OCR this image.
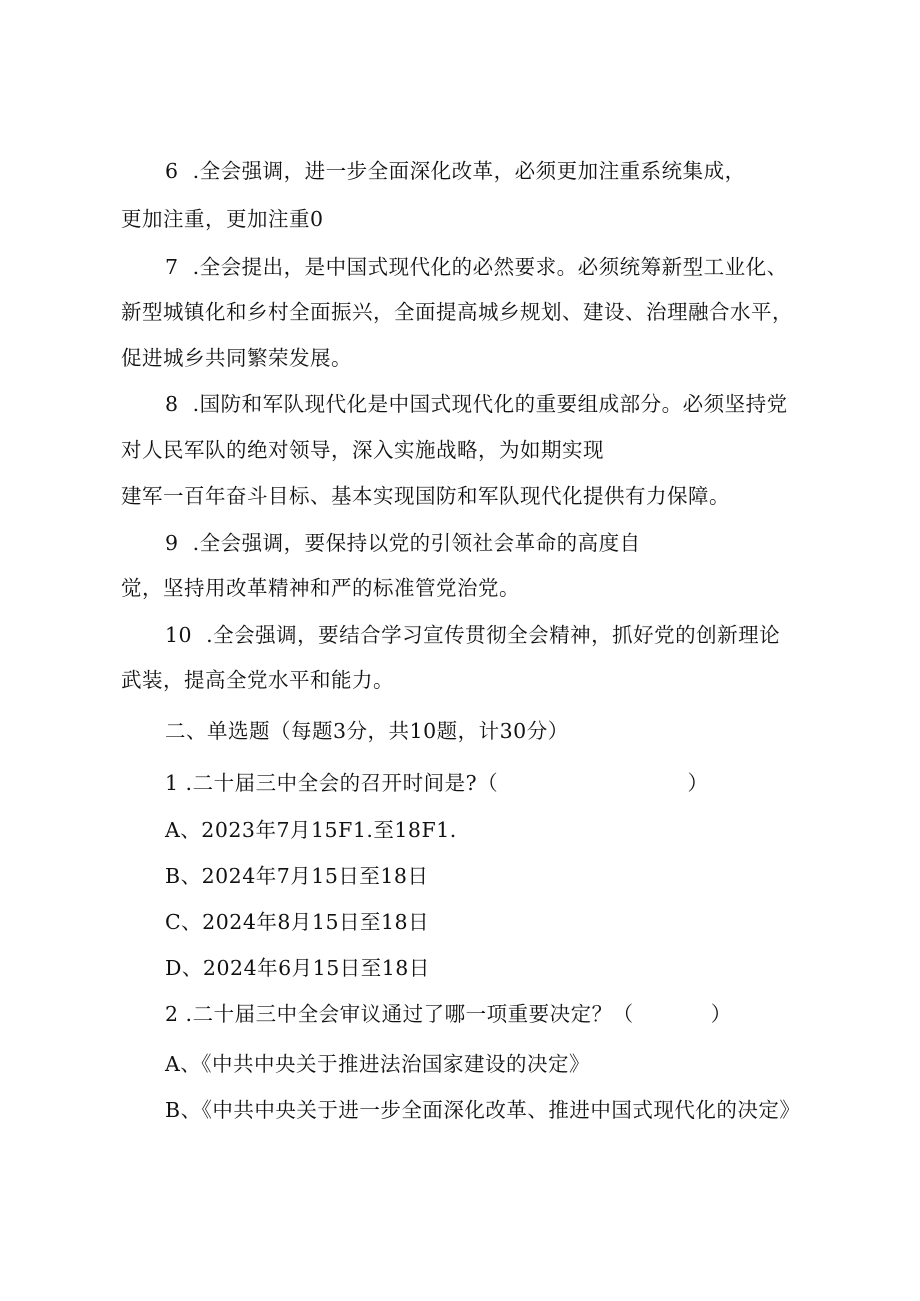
6  .全会强调，进一步全面深化改革，必须更加注重系统集成，
更加注重，更加注重0
7  .全会提出，是中国式现代化的必然要求。必须统筹新型工业化、
新型城镇化和乡村全面振兴，全面提高城乡规划、建设、治理融合水平，
促进城乡共同繁荣发展。
8  .国防和军队现代化是中国式现代化的重要组成部分。必须坚持党
对人民军队的绝对领导，深入实施战略，为如期实现
建军一百年奋斗目标、基本实现国防和军队现代化提供有力保障。
9  .全会强调，要保持以党的引领社会革命的高度自
觉，坚持用改革精神和严的标准管党治党。
10  .全会强调，要结合学习宣传贯彻全会精神，抓好党的创新理论
武装，提高全党水平和能力。
二、单选题（每题3分，共10题，计30分）
1 .二十届三中全会的召开时间是?（                           ）
A、2023年7月15F1.至18F1.
B、2024年7月15日至18日
C、2024年8月15日至18日
D、2024年6月15日至18日
2 .二十届三中全会审议通过了哪一项重要决定？（           ）
A、《中共中央关于推进法治国家建设的决定》
B、《中共中央关于进一步全面深化改革、推进中国式现代化的决定》
